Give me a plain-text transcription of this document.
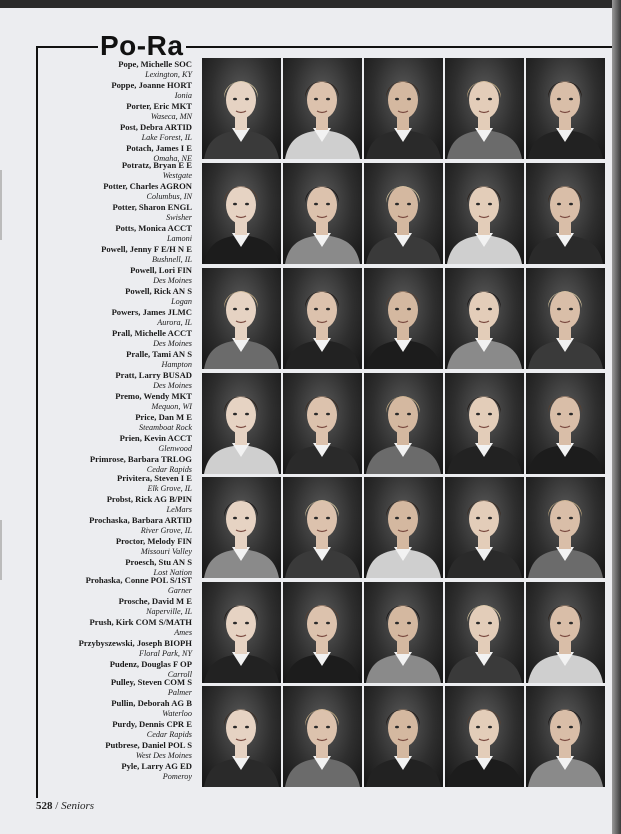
Po-Ra
Pope, Michelle SOC
Lexington, KY
Poppe, Joanne HORT
Ionia
Porter, Eric MKT
Waseca, MN
Post, Debra ARTID
Lake Forest, IL
Potach, James I E
Omaha, NE
Potratz, Bryan E E
Westgate
Potter, Charles AGRON
Columbus, IN
Potter, Sharon ENGL
Swisher
Potts, Monica ACCT
Lamoni
Powell, Jenny F E/H N E
Bushnell, IL
Powell, Lori FIN
Des Moines
Powell, Rick AN S
Logan
Powers, James JLMC
Aurora, IL
Prall, Michelle ACCT
Des Moines
Pralle, Tami AN S
Hampton
Pratt, Larry BUSAD
Des Moines
Premo, Wendy MKT
Mequon, WI
Price, Dan M E
Steamboat Rock
Prien, Kevin ACCT
Glenwood
Primrose, Barbara TRLOG
Cedar Rapids
Privitera, Steven I E
Elk Grove, IL
Probst, Rick AG B/PIN
LeMars
Prochaska, Barbara ARTID
River Grove, IL
Proctor, Melody FIN
Missouri Valley
Proesch, Stu AN S
Lost Nation
Prohaska, Conne POL S/1ST
Garner
Prosche, David M E
Naperville, IL
Prush, Kirk COM S/MATH
Ames
Przybyszewski, Joseph BIOPH
Floral Park, NY
Pudenz, Douglas F OP
Carroll
Pulley, Steven COM S
Palmer
Pullin, Deborah AG B
Waterloo
Purdy, Dennis CPR E
Cedar Rapids
Putbrese, Daniel POL S
West Des Moines
Pyle, Larry AG ED
Pomeroy
528 / Seniors
